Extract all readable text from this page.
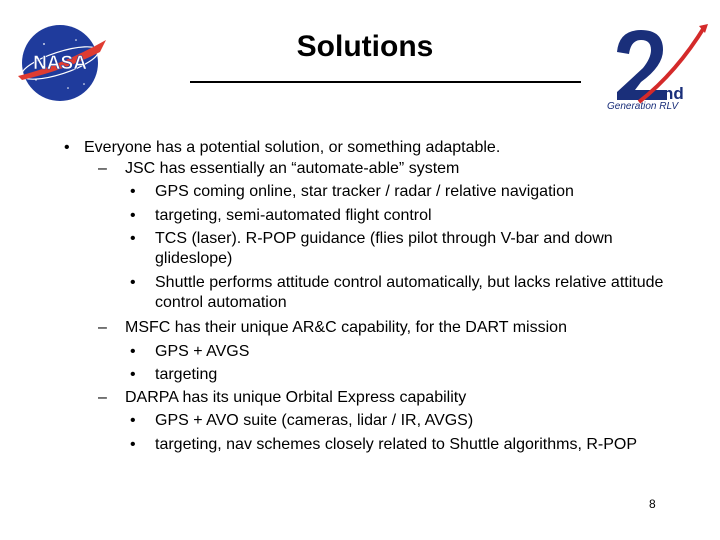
NASA
nd
Generation RLV
Solutions
• Everyone has a potential solution, or something adaptable.
– JSC has essentially an “automate-able” system
• GPS coming online, star tracker / radar / relative navigation
• targeting, semi-automated flight control
• TCS (laser). R-POP guidance (flies pilot through V-bar and down glideslope)
• Shuttle performs attitude control automatically, but lacks relative attitude control automation
– MSFC has their unique AR&C capability, for the DART mission
• GPS + AVGS
• targeting
– DARPA has its unique Orbital Express capability
• GPS + AVO suite (cameras, lidar / IR, AVGS)
• targeting, nav schemes closely related to Shuttle algorithms, R-POP
8
